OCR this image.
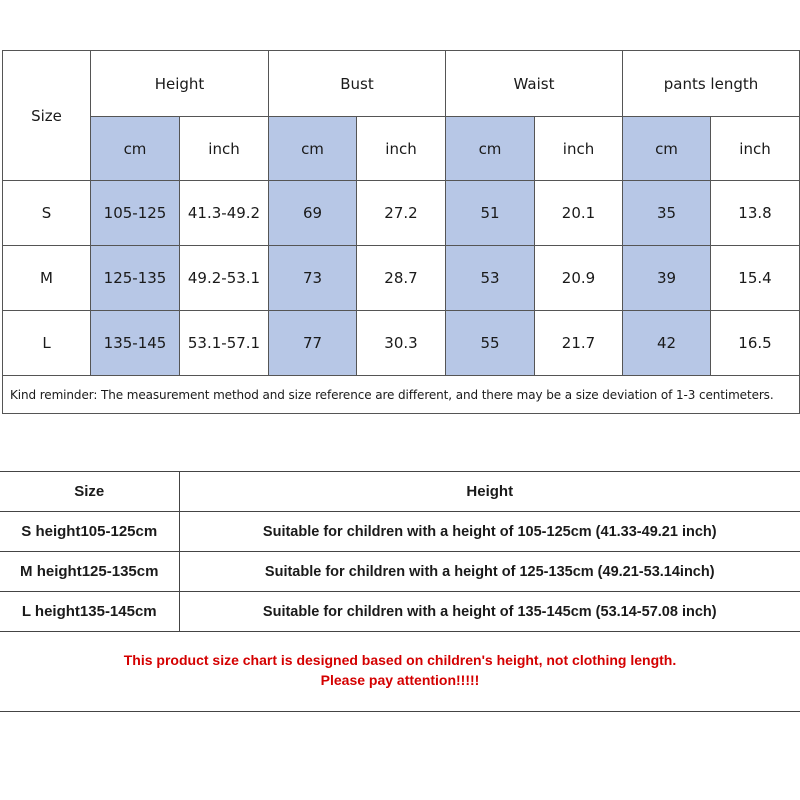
Size	Height		Bust		Waist		pants length	
	cm	inch	cm	inch	cm	inch	cm	inch
S	105-125	41.3-49.2	69	27.2	51	20.1	35	13.8
M	125-135	49.2-53.1	73	28.7	53	20.9	39	15.4
L	135-145	53.1-57.1	77	30.3	55	21.7	42	16.5
Kind reminder: The measurement method and size reference are different, and there may be a size deviation of 1-3 centimeters.								
Size	Height
S height105-125cm	Suitable for children with a height of 105-125cm (41.33-49.21 inch)
M height125-135cm	Suitable for children with a height of 125-135cm (49.21-53.14inch)
L height135-145cm	Suitable for children with a height of 135-145cm (53.14-57.08 inch)
This product size chart is designed based on children's height, not clothing length.
Please pay attention!!!!!
